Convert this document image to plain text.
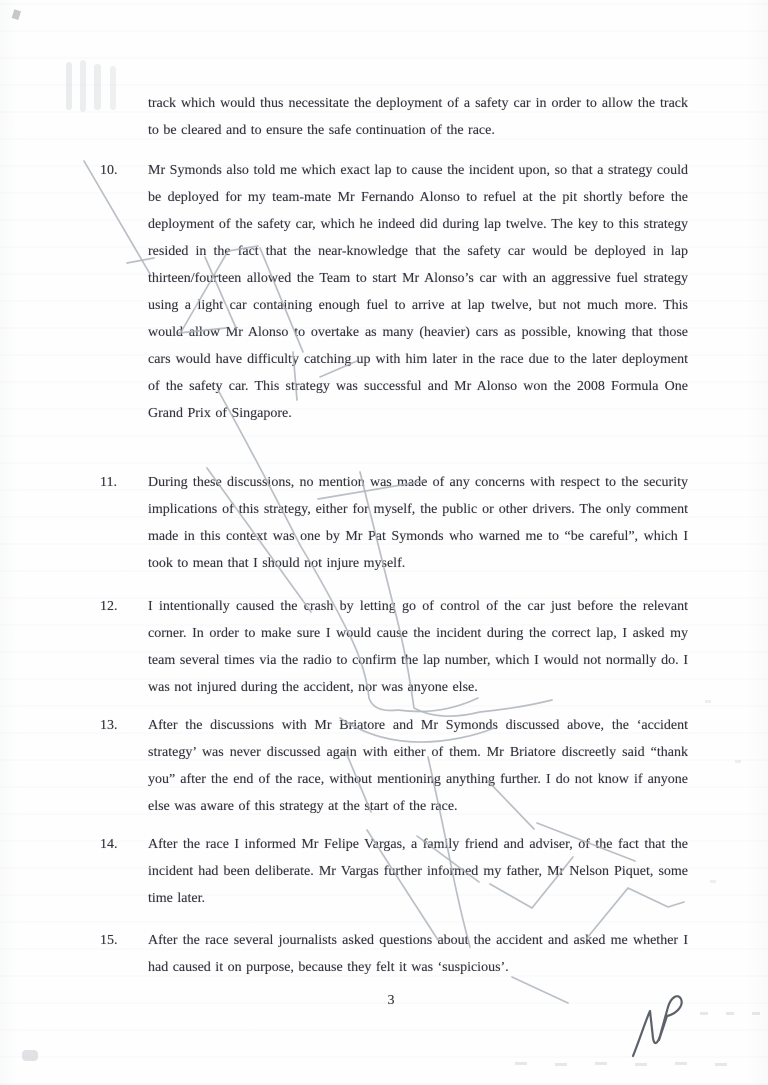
track which would thus necessitate the deployment of a safety car in order to allow the track to be cleared and to ensure the safe continuation of the race.

10.	Mr Symonds also told me which exact lap to cause the incident upon, so that a strategy could be deployed for my team-mate Mr Fernando Alonso to refuel at the pit shortly before the deployment of the safety car, which he indeed did during lap twelve. The key to this strategy resided in the fact that the near-knowledge that the safety car would be deployed in lap thirteen/fourteen allowed the Team to start Mr Alonso’s car with an aggressive fuel strategy using a light car containing enough fuel to arrive at lap twelve, but not much more. This would allow Mr Alonso to overtake as many (heavier) cars as possible, knowing that those cars would have difficulty catching up with him later in the race due to the later deployment of the safety car. This strategy was successful and Mr Alonso won the 2008 Formula One Grand Prix of Singapore.

11.	During these discussions, no mention was made of any concerns with respect to the security implications of this strategy, either for myself, the public or other drivers. The only comment made in this context was one by Mr Pat Symonds who warned me to “be careful”, which I took to mean that I should not injure myself.

12.	I intentionally caused the crash by letting go of control of the car just before the relevant corner. In order to make sure I would cause the incident during the correct lap, I asked my team several times via the radio to confirm the lap number, which I would not normally do. I was not injured during the accident, nor was anyone else.

13.	After the discussions with Mr Briatore and Mr Symonds discussed above, the ‘accident strategy’ was never discussed again with either of them. Mr Briatore discreetly said “thank you” after the end of the race, without mentioning anything further. I do not know if anyone else was aware of this strategy at the start of the race.

14.	After the race I informed Mr Felipe Vargas, a family friend and adviser, of the fact that the incident had been deliberate. Mr Vargas further informed my father, Mr Nelson Piquet, some time later.

15.	After the race several journalists asked questions about the accident and asked me whether I had caused it on purpose, because they felt it was ‘suspicious’.

3
